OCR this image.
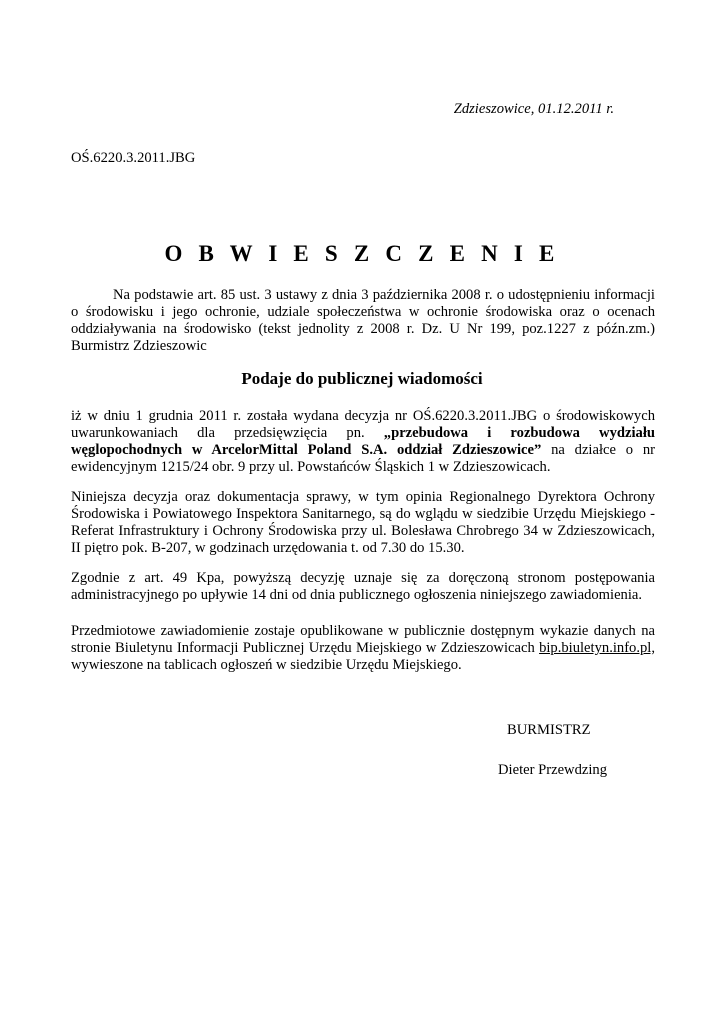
Zdzieszowice, 01.12.2011 r.
OŚ.6220.3.2011.JBG
O B W I E S Z C Z E N I E
Na podstawie art. 85 ust. 3 ustawy z dnia 3 października 2008 r. o udostępnieniu informacji
o środowisku i jego ochronie, udziale społeczeństwa w ochronie środowiska oraz o ocenach
oddziaływania na środowisko (tekst jednolity z 2008 r. Dz. U Nr 199, poz.1227 z późn.zm.)
Burmistrz Zdzieszowic
Podaje do publicznej wiadomości
iż w dniu 1 grudnia 2011 r. została wydana decyzja nr OŚ.6220.3.2011.JBG o środowiskowych
uwarunkowaniach dla przedsięwzięcia pn. „przebudowa i rozbudowa wydziału
węglopochodnych w ArcelorMittal Poland S.A. oddział Zdzieszowice” na działce o nr
ewidencyjnym 1215/24 obr. 9 przy ul. Powstańców Śląskich 1 w Zdzieszowicach.
Niniejsza decyzja oraz dokumentacja sprawy, w tym opinia Regionalnego Dyrektora Ochrony
Środowiska i Powiatowego Inspektora Sanitarnego, są do wglądu w siedzibie Urzędu Miejskiego -
Referat Infrastruktury i Ochrony Środowiska przy ul. Bolesława Chrobrego 34 w Zdzieszowicach,
II piętro pok. B-207, w godzinach urzędowania t. od 7.30 do 15.30.
Zgodnie z art. 49 Kpa, powyższą decyzję uznaje się za doręczoną stronom postępowania
administracyjnego po upływie 14 dni od dnia publicznego ogłoszenia niniejszego zawiadomienia.
Przedmiotowe zawiadomienie zostaje opublikowane w publicznie dostępnym wykazie danych na
stronie Biuletynu Informacji Publicznej Urzędu Miejskiego w Zdzieszowicach bip.biuletyn.info.pl,
wywieszone na tablicach ogłoszeń w siedzibie Urzędu Miejskiego.
BURMISTRZ
Dieter Przewdzing
